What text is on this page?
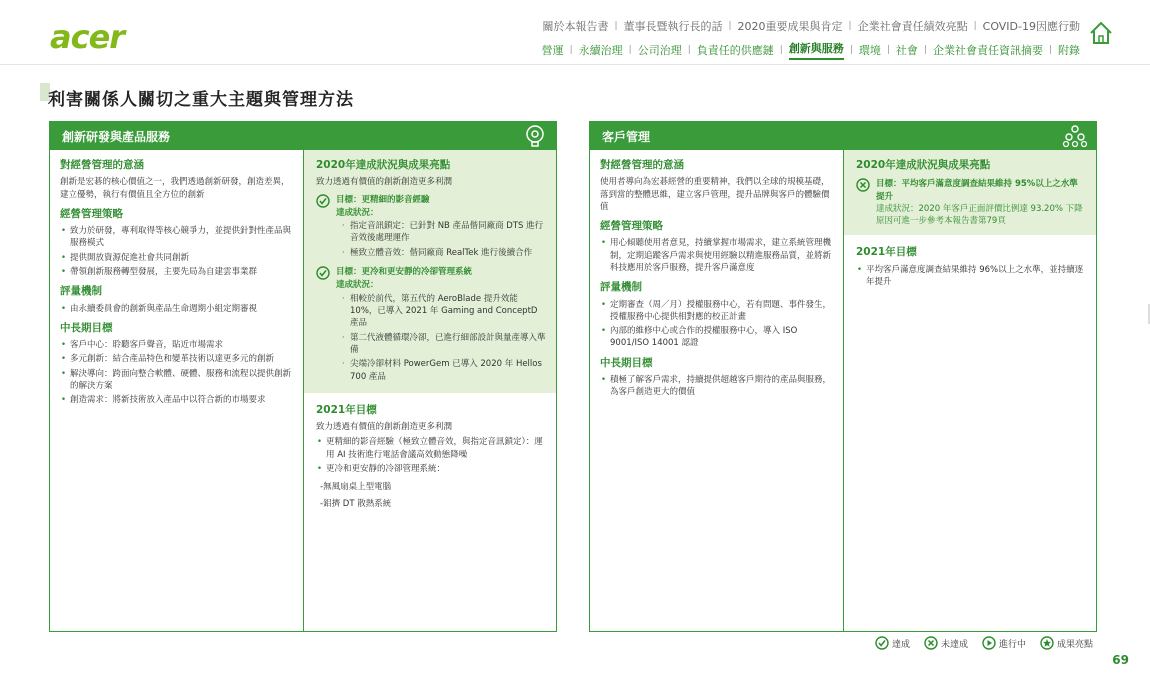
acer	關於本報告書 | 董事長暨執行長的話 | 2020重要成果與肯定 | 企業社會責任績效亮點 | COVID-19因應行動
營運 | 永續治理 | 公司治理 | 負責任的供應鏈 | 創新與服務 | 環境 | 社會 | 企業社會責任資訊摘要 | 附錄
利害關係人關切之重大主題與管理方法
創新研發與產品服務
對經營管理的意涵
創新是宏碁的核心價值之一，我們透過創新研發，創造差異，建立優勢，執行有價值且全方位的創新
經營管理策略
• 致力於研發，專利取得等核心競爭力，並提供針對性產品與服務模式
• 提供開放資源促進社會共同創新
• 帶領創新服務轉型發展，主要先局為自建雲事業群
評量機制
• 由永續委員會的創新與產品生命週期小組定期審視
中長期目標
• 客戶中心：聆聽客戶聲音，貼近市場需求
• 多元創新：結合產品特色和變革技術以達更多元的創新
• 解決導向：跨面向整合軟體、硬體、服務和流程以提供創新的解決方案
• 創造需求：將新技術放入產品中以符合新的市場要求
2020年達成狀況與成果亮點
致力透過有價值的創新創造更多利潤
目標：更精細的影音經驗
達成狀況：
‧ 指定音訊鎖定：已針對 NB 產品偕同廠商 DTS 進行音效後處理運作
‧ 極致立體音效：偕同廠商 RealTek 進行後續合作
目標：更冷和更安靜的冷卻管理系統
達成狀況：
‧ 相較於前代，第五代的 AeroBlade 提升效能 10%，已導入 2021 年 Gaming and ConceptD 產品
‧ 第二代液體循環冷卻，已進行細部設計與量產導入準備
‧ 尖端冷卻材料 PowerGem 已導入 2020 年 Hellos 700 產品
2021年目標
致力透過有價值的創新創造更多利潤
• 更精細的影音經驗（極致立體音效，與指定音訊鎖定）：運用 AI 技術進行電話會議高效動態降噪
• 更冷和更安靜的冷卻管理系統：
-無風扇桌上型電腦
-鋁擠 DT 散熱系統
客戶管理
對經營管理的意涵
使用者導向為宏碁經營的重要精神，我們以全球的規模基礎，落到當的整體思維，建立客戶管理，提升品牌與客戶的體驗價值
經營管理策略
• 用心傾聽使用者意見，持續掌握市場需求，建立系統管理機制，定期追蹤客戶需求與使用經驗以精進服務品質，並將新科技應用於客戶服務，提升客戶滿意度
評量機制
• 定期審查（周／月）授權服務中心，若有問題、事件發生，授權服務中心提供相對應的校正計畫
• 內部的維修中心或合作的授權服務中心，導入 ISO 9001/ISO 14001 認證
中長期目標
• 積極了解客戶需求，持續提供超越客戶期待的產品與服務，為客戶創造更大的價值
2020年達成狀況與成果亮點
目標：平均客戶滿意度調查結果維持 95%以上之水準提升
達成狀況：2020 年客戶正面評價比例達 93.20% 下降原因可進一步參考本報告書第79頁
2021年目標
• 平均客戶滿意度調查結果維持 96%以上之水準，並持續逐年提升
達成	未達成	進行中	成果亮點
69
